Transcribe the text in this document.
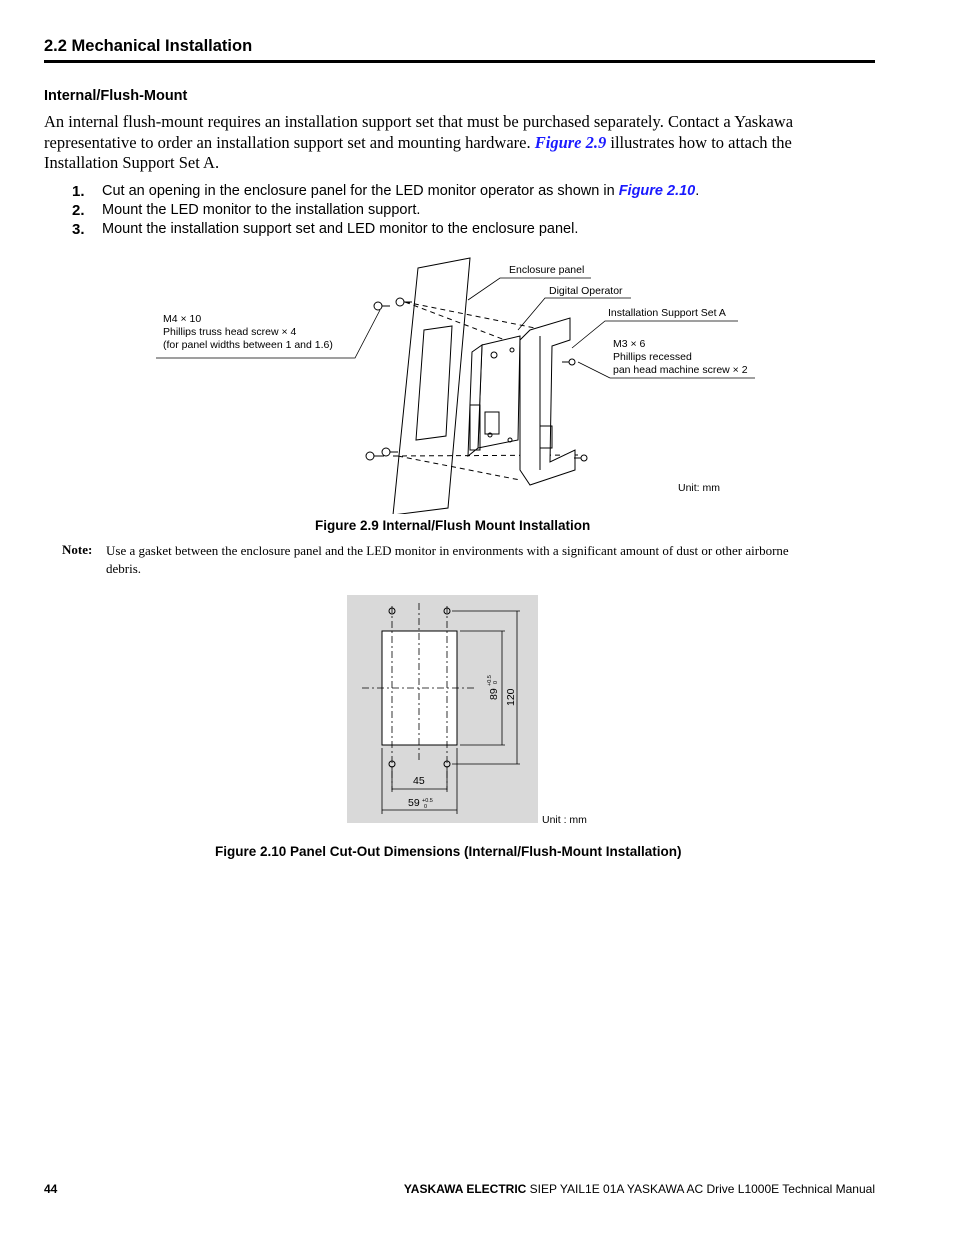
2.2 Mechanical Installation
Internal/Flush-Mount
An internal flush-mount requires an installation support set that must be purchased separately. Contact a Yaskawa representative to order an installation support set and mounting hardware. Figure 2.9 illustrates how to attach the Installation Support Set A.
1. Cut an opening in the enclosure panel for the LED monitor operator as shown in Figure 2.10.
2. Mount the LED monitor to the installation support.
3. Mount the installation support set and LED monitor to the enclosure panel.
Enclosure panel
Digital Operator
Installation Support Set A
M4 × 10
Phillips truss head screw × 4
(for panel widths between 1 and 1.6)	M3 × 6
Phillips recessed
pan head machine screw × 2
Unit: mm
Figure 2.9 Internal/Flush Mount Installation
Note: Use a gasket between the enclosure panel and the LED monitor in environments with a significant amount of dust or other airborne debris.
45
59 +0.5
0
89
+0.5 0
120
Unit : mm
Figure 2.10 Panel Cut-Out Dimensions (Internal/Flush-Mount Installation)
44	YASKAWA ELECTRIC SIEP YAIL1E 01A YASKAWA AC Drive L1000E Technical Manual
